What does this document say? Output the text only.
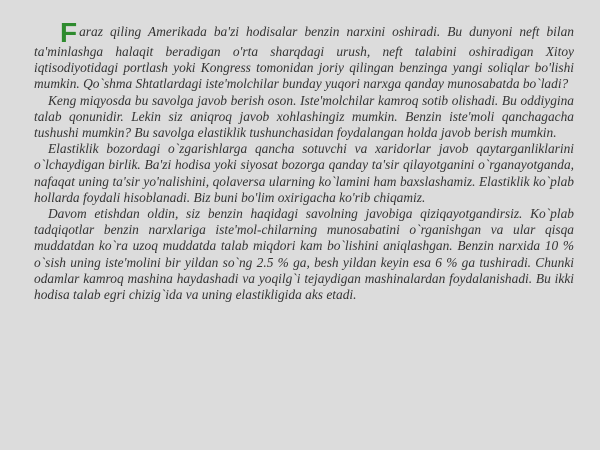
Faraz qiling Amerikada ba'zi hodisalar benzin narxini oshiradi. Bu dunyoni neft bilan ta'minlashga halaqit beradigan o'rta sharqdagi urush, neft talabini oshiradigan Xitoy iqtisodiyotidagi portlash yoki Kongress tomonidan joriy qilingan benzinga yangi soliqlar bo'lishi mumkin. Qo`shma Shtatlardagi iste'molchilar bunday yuqori narxga qanday munosabatda bo`ladi?

Keng miqyosda bu savolga javob berish oson. Iste'molchilar kamroq sotib olishadi. Bu oddiygina talab qonunidir. Lekin siz aniqroq javob xohlashingiz mumkin. Benzin iste'moli qanchagacha tushushi mumkin? Bu savolga elastiklik tushunchasidan foydalangan holda javob berish mumkin.

Elastiklik bozordagi o`zgarishlarga qancha sotuvchi va xaridorlar javob qaytarganliklarini o`lchaydigan birlik. Ba'zi hodisa yoki siyosat bozorga qanday ta'sir qilayotganini o`rganayotganda, nafaqat uning ta'sir yo'nalishini, qolaversa ularning ko`lamini ham baxslashamiz. Elastiklik ko`plab hollarda foydali hisoblanadi. Biz buni bo'lim oxirigacha ko'rib chiqamiz.

Davom etishdan oldin, siz benzin haqidagi savolning javobiga qiziqayotgandirsiz. Ko`plab tadqiqotlar benzin narxlariga iste'mol-chilarning munosabatini o`rganishgan va ular qisqa muddatdan ko`ra uzoq muddatda talab miqdori kam bo`lishini aniqlashgan. Benzin narxida 10 % o`sish uning iste'molini bir yildan so`ng 2.5 % ga, besh yildan keyin esa 6 % ga tushiradi. Chunki odamlar kamroq mashina haydashadi va yoqilg`i tejaydigan mashinalardan foydalanishadi. Bu ikki hodisa talab egri chizig`ida va uning elastikligida aks etadi.
